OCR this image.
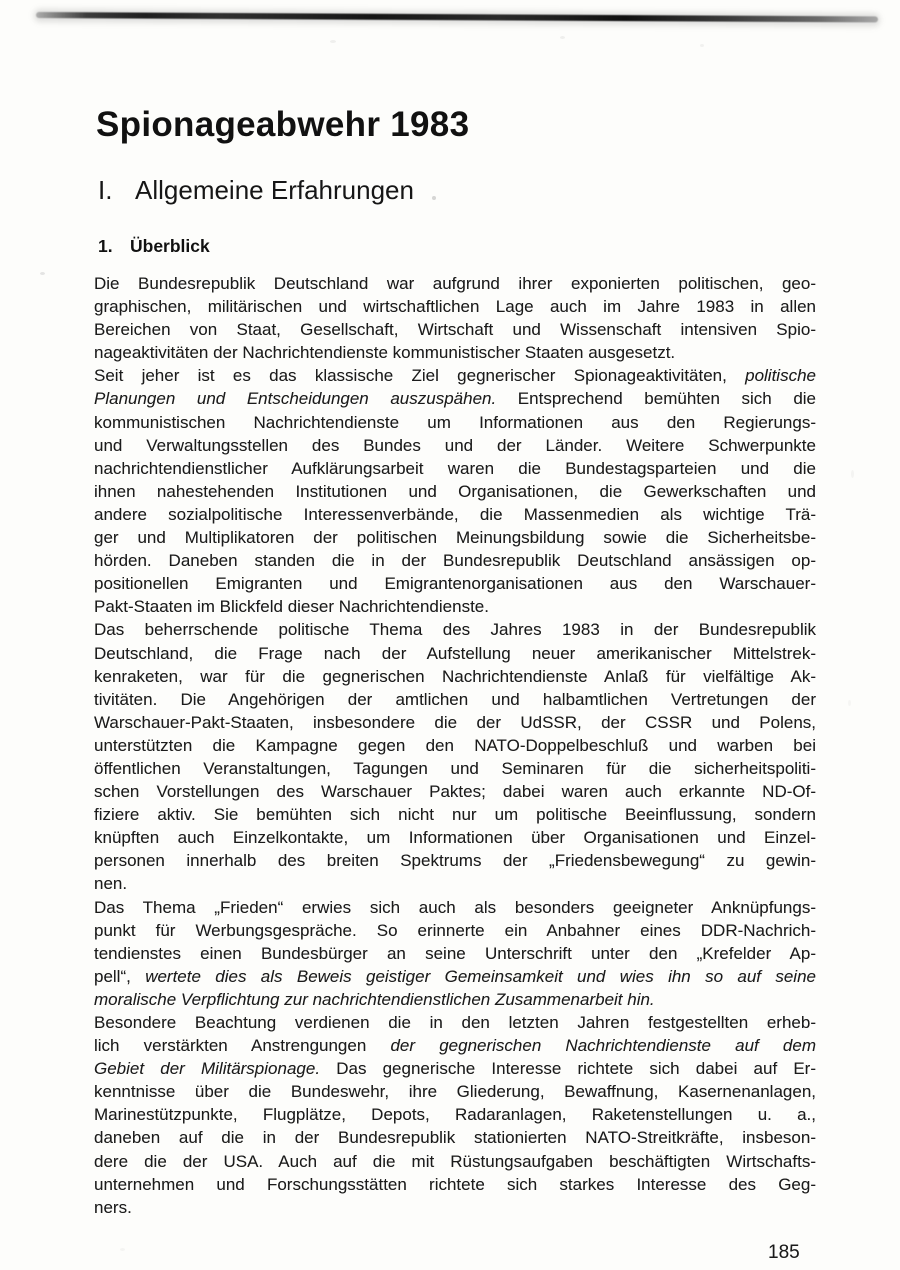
Spionageabwehr 1983
I. Allgemeine Erfahrungen
1. Überblick
Die Bundesrepublik Deutschland war aufgrund ihrer exponierten politischen, geo-
graphischen, militärischen und wirtschaftlichen Lage auch im Jahre 1983 in allen
Bereichen von Staat, Gesellschaft, Wirtschaft und Wissenschaft intensiven Spio-
nageaktivitäten der Nachrichtendienste kommunistischer Staaten ausgesetzt.
Seit jeher ist es das klassische Ziel gegnerischer Spionageaktivitäten, politische
Planungen und Entscheidungen auszuspähen. Entsprechend bemühten sich die
kommunistischen Nachrichtendienste um Informationen aus den Regierungs-
und Verwaltungsstellen des Bundes und der Länder. Weitere Schwerpunkte
nachrichtendienstlicher Aufklärungsarbeit waren die Bundestagsparteien und die
ihnen nahestehenden Institutionen und Organisationen, die Gewerkschaften und
andere sozialpolitische Interessenverbände, die Massenmedien als wichtige Trä-
ger und Multiplikatoren der politischen Meinungsbildung sowie die Sicherheitsbe-
hörden. Daneben standen die in der Bundesrepublik Deutschland ansässigen op-
positionellen Emigranten und Emigrantenorganisationen aus den Warschauer-
Pakt-Staaten im Blickfeld dieser Nachrichtendienste.
Das beherrschende politische Thema des Jahres 1983 in der Bundesrepublik
Deutschland, die Frage nach der Aufstellung neuer amerikanischer Mittelstrek-
kenraketen, war für die gegnerischen Nachrichtendienste Anlaß für vielfältige Ak-
tivitäten. Die Angehörigen der amtlichen und halbamtlichen Vertretungen der
Warschauer-Pakt-Staaten, insbesondere die der UdSSR, der CSSR und Polens,
unterstützten die Kampagne gegen den NATO-Doppelbeschluß und warben bei
öffentlichen Veranstaltungen, Tagungen und Seminaren für die sicherheitspoliti-
schen Vorstellungen des Warschauer Paktes; dabei waren auch erkannte ND-Of-
fiziere aktiv. Sie bemühten sich nicht nur um politische Beeinflussung, sondern
knüpften auch Einzelkontakte, um Informationen über Organisationen und Einzel-
personen innerhalb des breiten Spektrums der „Friedensbewegung“ zu gewin-
nen.
Das Thema „Frieden“ erwies sich auch als besonders geeigneter Anknüpfungs-
punkt für Werbungsgespräche. So erinnerte ein Anbahner eines DDR-Nachrich-
tendienstes einen Bundesbürger an seine Unterschrift unter den „Krefelder Ap-
pell“, wertete dies als Beweis geistiger Gemeinsamkeit und wies ihn so auf seine
moralische Verpflichtung zur nachrichtendienstlichen Zusammenarbeit hin.
Besondere Beachtung verdienen die in den letzten Jahren festgestellten erheb-
lich verstärkten Anstrengungen der gegnerischen Nachrichtendienste auf dem
Gebiet der Militärspionage. Das gegnerische Interesse richtete sich dabei auf Er-
kenntnisse über die Bundeswehr, ihre Gliederung, Bewaffnung, Kasernenanlagen,
Marinestützpunkte, Flugplätze, Depots, Radaranlagen, Raketenstellungen u. a.,
daneben auf die in der Bundesrepublik stationierten NATO-Streitkräfte, insbeson-
dere die der USA. Auch auf die mit Rüstungsaufgaben beschäftigten Wirtschafts-
unternehmen und Forschungsstätten richtete sich starkes Interesse des Geg-
ners.
185
